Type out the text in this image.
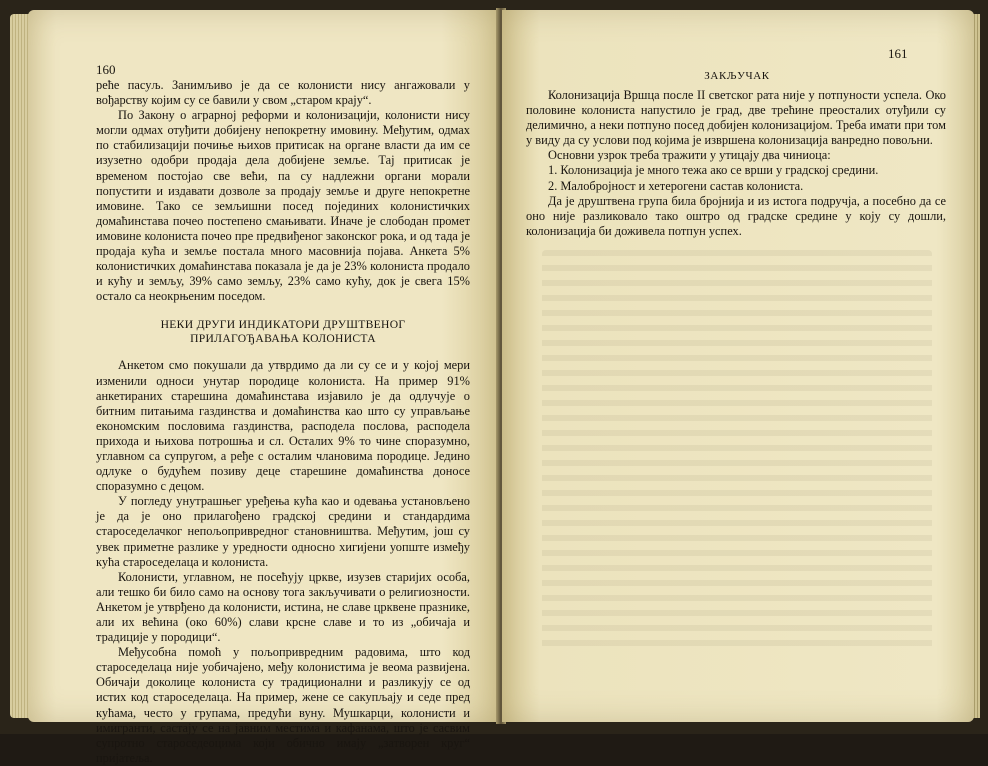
160

реће пасуљ. Занимљиво је да се колонисти нису ангажовали у вођарству којим су се бавили у свом „старом крају“.

По Закону о аграрној реформи и колонизацији, колонисти нису могли одмах отуђити добијену непокретну имовину. Међутим, одмах по стабилизацији почиње њихов притисак на органе власти да им се изузетно одобри продаја дела добијене земље. Тај притисак је временом постојао све већи, па су надлежни органи морали попустити и издавати дозволе за продају земље и друге непокретне имовине. Тако се земљишни посед појединих колонистичких домаћинстава почео постепено смањивати. Иначе је слободан промет имовине колониста почео пре предвиђеног законског рока, и од тада је продаја кућа и земље постала много масовнија појава. Анкета 5% колонистичких домаћинстава показала је да је 23% колониста продало и кућу и земљу, 39% само земљу, 23% само кућу, док је свега 15% остало са неокрњеним поседом.

НЕКИ ДРУГИ ИНДИКАТОРИ ДРУШТВЕНОГ
ПРИЛАГОЂАВАЊА КОЛОНИСТА

Анкетом смо покушали да утврдимо да ли су се и у којој мери изменили односи унутар породице колониста. На пример 91% анкетираних старешина домаћинстава изјавило је да одлучује о битним питањима газдинства и домаћинства као што су управљање економским пословима газдинства, расподела послова, расподела прихода и њихова потрошња и сл. Осталих 9% то чине споразумно, углавном са супругом, а ређе с осталим члановима породице. Једино одлуке о будућем позиву деце старешине домаћинства доносе споразумно с децом.

У погледу унутрашњег уређења кућа као и одевања установљено је да је оно прилагођено градској средини и стандардима староседелачког непољопривредног становништва. Међутим, још су увек приметне разлике у уредности односно хигијени уопште између кућа староседелаца и колониста.

Колонисти, углавном, не посећују цркве, изузев старијих особа, али тешко би било само на основу тога закључивати о религиозности. Анкетом је утврђено да колонисти, истина, не славе црквене празнике, али их већина (око 60%) слави крсне славе и то из „обичаја и традиције у породици“.

Међусобна помоћ у пољопривредним радовима, што код староседелаца није уобичајено, међу колонистима је веома развијена. Обичаји доколице колониста су традиционални и разликују се од истих код староседелаца. На пример, жене се сакупљају и седе пред кућама, често у групама, предући вуну. Мушкарци, колонисти и имигранти, састају се на јавним местима и кафанама, што је сасвим супротно староседеоцима који обично имају „затворен круг“ пријатеља.

161
ЗАКЉУЧАК

Колонизација Вршца после II светског рата није у потпуности успела. Око половине колониста напустило је град, две трећине преосталих отуђили су делимично, а неки потпуно посед добијен колонизацијом. Треба имати при том у виду да су услови под којима је извршена колонизација ванредно повољни.

Основни узрок треба тражити у утицају два чиниоца:

1. Колонизација је много тежа ако се врши у градској средини.

2. Малобројност и хетерогени састав колониста.

Да је друштвена група била бројнија и из истога подручја, а посебно да се оно није разликовало тако оштро од градске средине у коју су дошли, колонизација би доживела потпун успех.
